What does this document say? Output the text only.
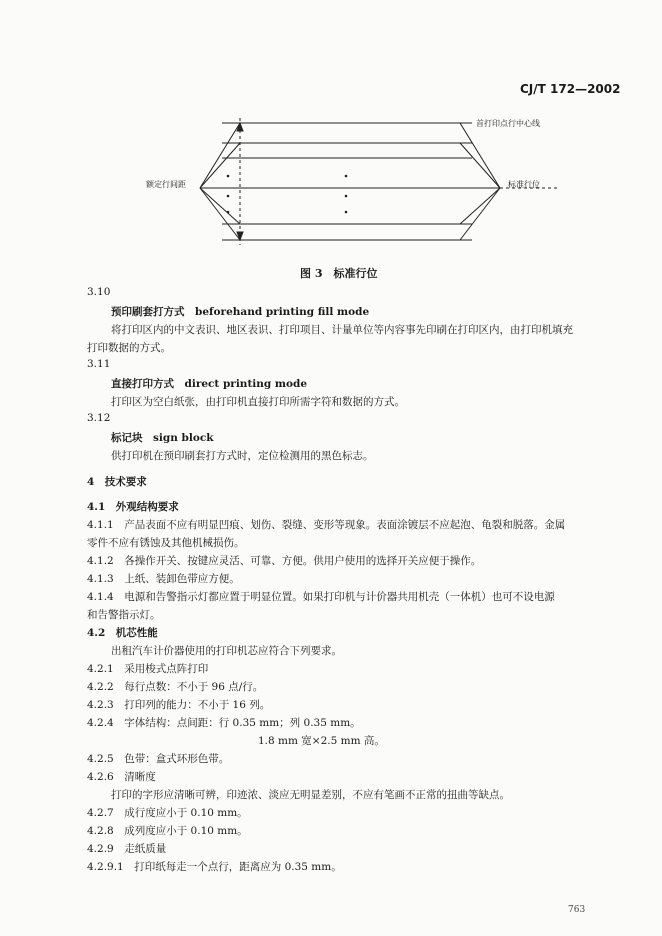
CJ/T 172—2002
首打印点行中心线
额定行间距	标准行位
图 3　标准行位
3.10
预印刷套打方式　beforehand printing fill mode
将打印区内的中文表识、地区表识、打印项目、计量单位等内容事先印刷在打印区内，由打印机填充
打印数据的方式。
3.11
直接打印方式　direct printing mode
打印区为空白纸张，由打印机直接打印所需字符和数据的方式。
3.12
标记块　sign block
供打印机在预印刷套打方式时，定位检测用的黑色标志。
4　技术要求
4.1　外观结构要求
4.1.1　产品表面不应有明显凹痕、划伤、裂缝、变形等现象。表面涂镀层不应起泡、龟裂和脱落。金属
零件不应有锈蚀及其他机械损伤。
4.1.2　各操作开关、按键应灵活、可靠、方便。供用户使用的选择开关应便于操作。
4.1.3　上纸、装卸色带应方便。
4.1.4　电源和告警指示灯都应置于明显位置。如果打印机与计价器共用机壳（一体机）也可不设电源
和告警指示灯。
4.2　机芯性能
出租汽车计价器使用的打印机芯应符合下列要求。
4.2.1　采用梭式点阵打印
4.2.2　每行点数：不小于 96 点/行。
4.2.3　打印列的能力：不小于 16 列。
4.2.4　字体结构：点间距：行 0.35 mm；列 0.35 mm。
1.8 mm 宽×2.5 mm 高。
4.2.5　色带：盒式环形色带。
4.2.6　清晰度
打印的字形应清晰可辨，印迹浓、淡应无明显差别，不应有笔画不正常的扭曲等缺点。
4.2.7　成行度应小于 0.10 mm。
4.2.8　成列度应小于 0.10 mm。
4.2.9　走纸质量
4.2.9.1　打印纸每走一个点行，距离应为 0.35 mm。
763
